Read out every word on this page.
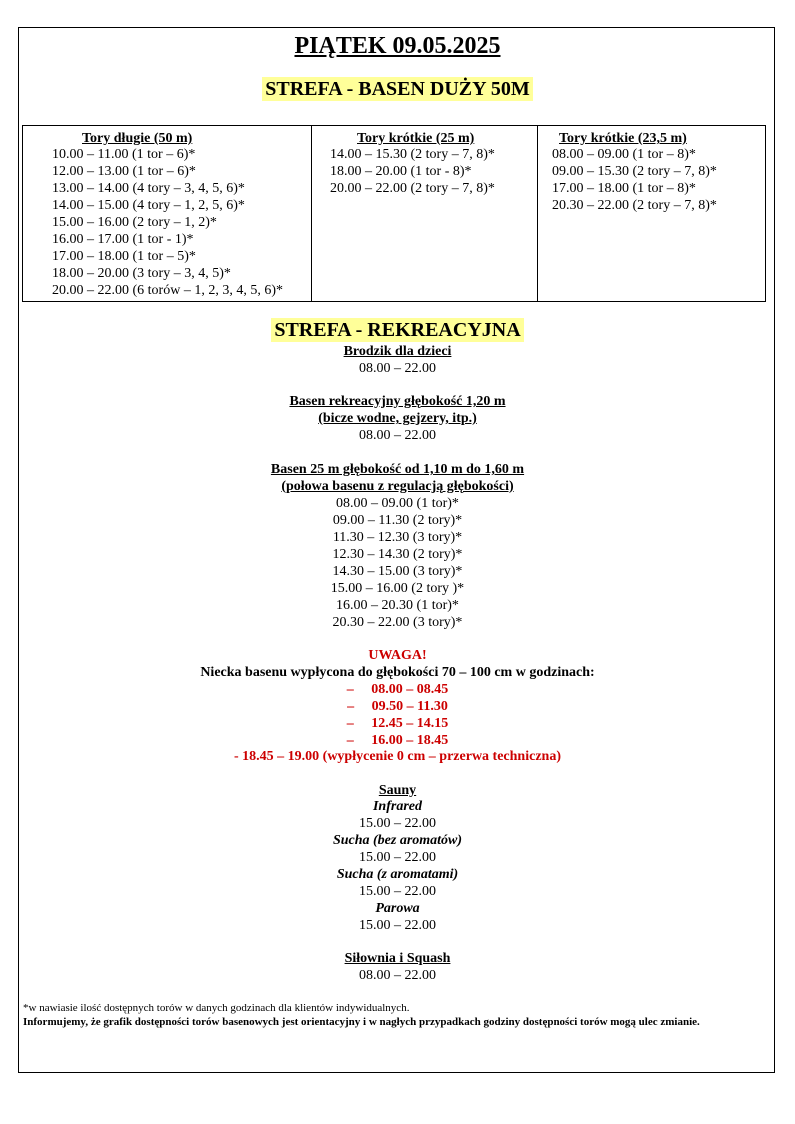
PIĄTEK 09.05.2025
STREFA - BASEN DUŻY 50M
Tory długie (50 m)
10.00 – 11.00 (1 tor – 6)*
12.00 – 13.00 (1 tor – 6)*
13.00 – 14.00 (4 tory – 3, 4, 5, 6)*
14.00 – 15.00 (4 tory – 1, 2, 5, 6)*
15.00 – 16.00 (2 tory – 1, 2)*
16.00 – 17.00 (1 tor - 1)*
17.00 – 18.00 (1 tor – 5)*
18.00 – 20.00 (3 tory – 3, 4, 5)*
20.00 – 22.00 (6 torów – 1, 2, 3, 4, 5, 6)*
Tory krótkie (25 m)
14.00 – 15.30 (2 tory – 7, 8)*
18.00 – 20.00 (1 tor - 8)*
20.00 – 22.00 (2 tory – 7, 8)*
Tory krótkie (23,5 m)
08.00 – 09.00 (1 tor – 8)*
09.00 – 15.30 (2 tory – 7, 8)*
17.00 – 18.00 (1 tor – 8)*
20.30 – 22.00 (2 tory – 7, 8)*
STREFA - REKREACYJNA
Brodzik dla dzieci
08.00 – 22.00
Basen rekreacyjny głębokość 1,20 m
(bicze wodne, gejzery, itp.)
08.00 – 22.00
Basen 25 m głębokość od 1,10 m do 1,60 m
(połowa basenu z regulacją głębokości)
08.00 – 09.00 (1 tor)*
09.00 – 11.30 (2 tory)*
11.30 – 12.30 (3 tory)*
12.30 – 14.30 (2 tory)*
14.30 – 15.00 (3 tory)*
15.00 – 16.00 (2 tory )*
16.00 – 20.30 (1 tor)*
20.30 – 22.00 (3 tory)*
UWAGA!
Niecka basenu wypłycona do głębokości 70 – 100 cm w godzinach:
–     08.00 – 08.45
–     09.50 – 11.30
–     12.45 – 14.15
–     16.00 – 18.45
- 18.45 – 19.00 (wypłycenie 0 cm – przerwa techniczna)
Sauny
Infrared
15.00 – 22.00
Sucha (bez aromatów)
15.00 – 22.00
Sucha (z aromatami)
15.00 – 22.00
Parowa
15.00 – 22.00
Siłownia i Squash
08.00 – 22.00
*w nawiasie ilość dostępnych torów w danych godzinach dla klientów indywidualnych.
Informujemy, że grafik dostępności torów basenowych jest orientacyjny i w nagłych przypadkach godziny dostępności torów mogą ulec zmianie.
